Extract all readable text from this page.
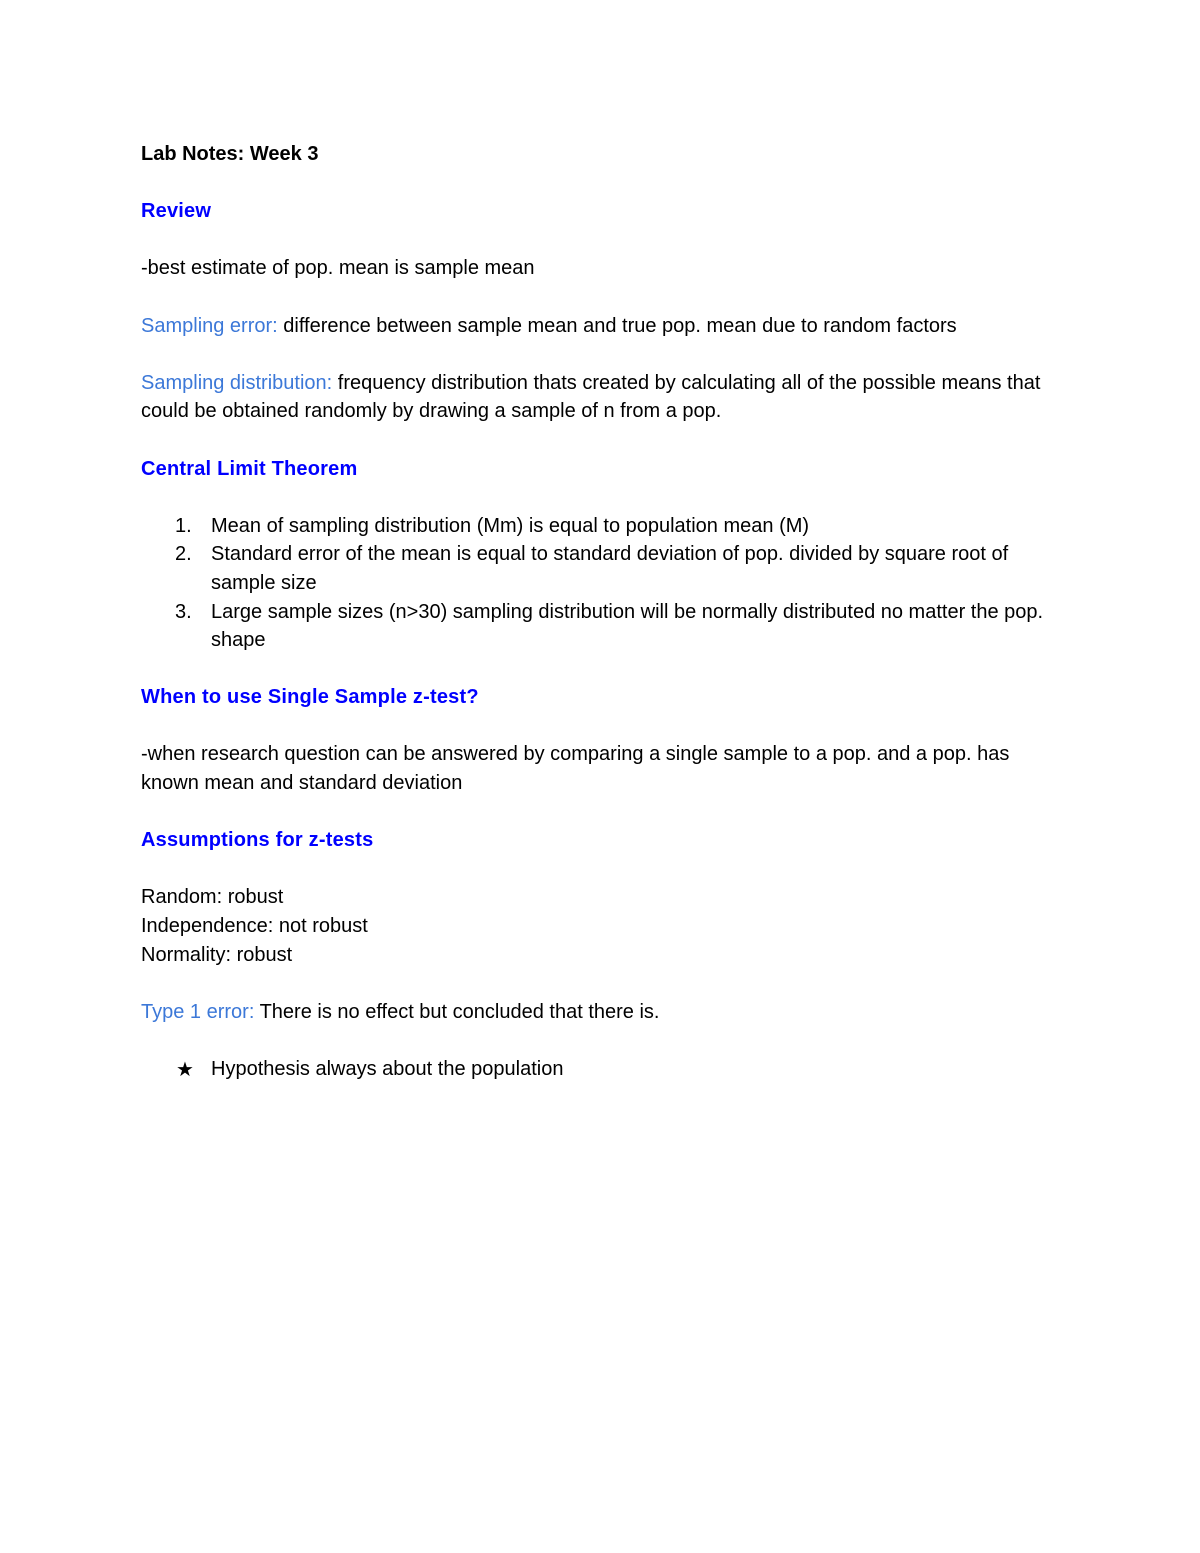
Lab Notes: Week 3

Review

-best estimate of pop. mean is sample mean

Sampling error: difference between sample mean and true pop. mean due to random factors

Sampling distribution: frequency distribution thats created by calculating all of the possible means that could be obtained randomly by drawing a sample of n from a pop.

Central Limit Theorem

1. Mean of sampling distribution (Mm) is equal to population mean (M)
2. Standard error of the mean is equal to standard deviation of pop. divided by square root of sample size
3. Large sample sizes (n>30) sampling distribution will be normally distributed no matter the pop. shape

When to use Single Sample z-test?

-when research question can be answered by comparing a single sample to a pop. and a pop. has known mean and standard deviation

Assumptions for z-tests

Random: robust

Independence: not robust

Normality: robust

Type 1 error: There is no effect but concluded that there is.

★ Hypothesis always about the population
